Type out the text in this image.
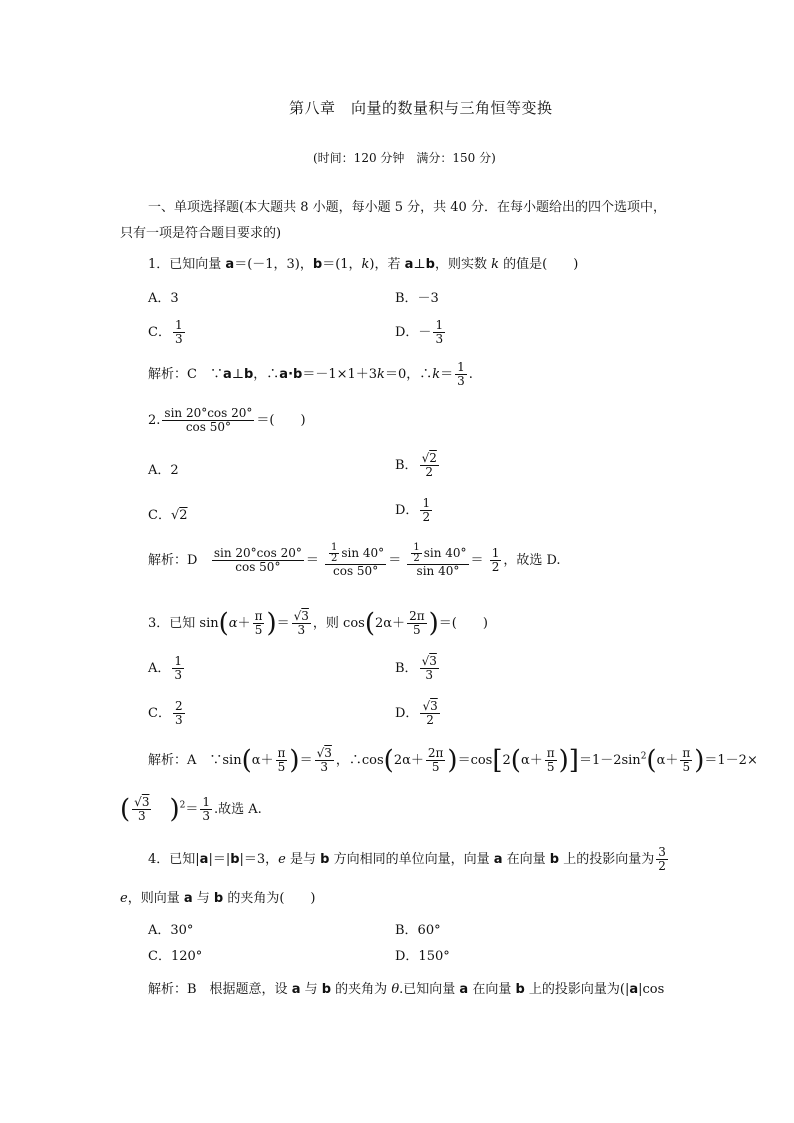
第八章　向量的数量积与三角恒等变换
(时间：120 分钟　满分：150 分)
一、单项选择题(本大题共 8 小题，每小题 5 分，共 40 分．在每小题给出的四个选项中，
只有一项是符合题目要求的)
1．已知向量 a＝(－1，3)，b＝(1，k)，若 a⊥b，则实数 k 的值是(　　)
A．3	B．－3
C． $\frac{1}{3}$	D．－ $\frac{1}{3}$
解析：C　∵a⊥b，∴a·b＝－1×1＋3k＝0，∴k＝ $\frac{1}{3}$ .
2. $\frac{\sin 20^\circ\cos 20^\circ}{\cos 50^\circ}$ ＝(　　)
A．2	B． $\frac{√2}{2}$
C．√2	D． $\frac{1}{2}$
解析：D $\frac{\sin 20^\circ\cos 20^\circ}{\cos 50^\circ} = \frac{\frac{1}{2} \sin 40^\circ}{\cos 50^\circ} = \frac{\frac{1}{2} \sin 40^\circ}{\sin 40^\circ} = \frac{1}{2}$ ，故选 D.
3．已知 $\sin(\alpha+ \frac{\pi}{5}$ )＝ $\frac{√3}{3}$ ，则 $\cos(2\alpha+ \frac{2\pi}{5}$ )＝(　　)
A． $\frac{1}{3}$	B． $\frac{√3}{3}$
C． $\frac{2}{3}$	D． $\frac{√3}{2}$
解析：A　∵sin(α＋ $\frac{\pi}{5}$ )＝ $\frac{√3}{3}$ ，∴cos(2α＋ $\frac{2\pi}{5} )=\cos[2(\alpha+ \frac{\pi}{5} )]=1-2\sin^2(\alpha+ \frac{\pi}{5} )=1-2\times$
( $\frac{√3}{3} )^2= \frac{1}{3}$ .故选 A.
4．已知|a|＝|b|＝3，e 是与 b 方向相同的单位向量，向量 a 在向量 b 上的投影向量为 $\frac{3}{2}$
e，则向量 a 与 b 的夹角为(　　)
A．30°	B．60°
C．120°	D．150°
解析：B　根据题意，设 a 与 b 的夹角为 θ.已知向量 a 在向量 b 上的投影向量为(|a|cos
